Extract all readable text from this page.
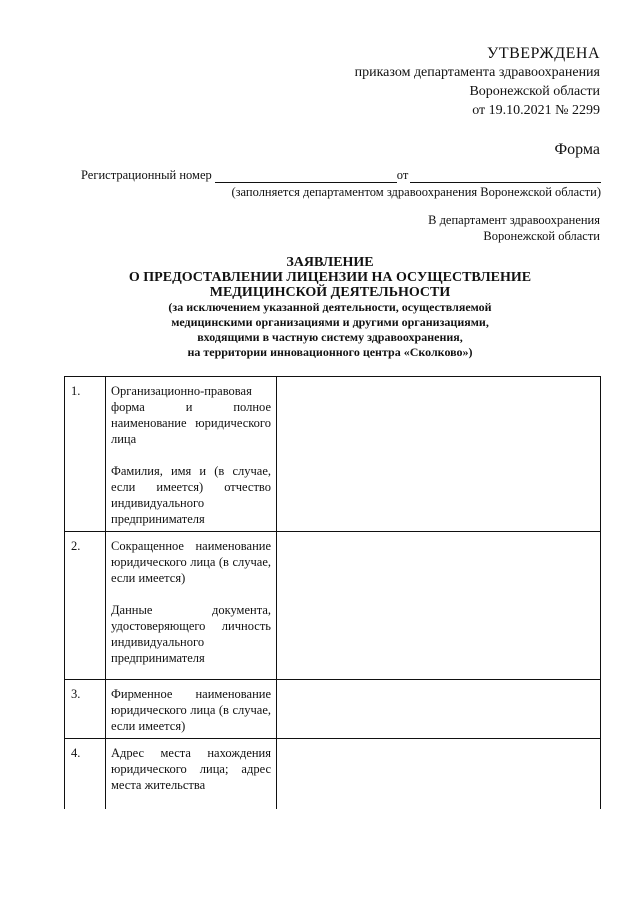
УТВЕРЖДЕНА
приказом департамента здравоохранения
Воронежской области
от 19.10.2021 № 2299
Форма
Регистрационный номер	от
(заполняется департаментом здравоохранения Воронежской области)
В департамент здравоохранения
Воронежской области
ЗАЯВЛЕНИЕ
О ПРЕДОСТАВЛЕНИИ ЛИЦЕНЗИИ НА ОСУЩЕСТВЛЕНИЕ
МЕДИЦИНСКОЙ ДЕЯТЕЛЬНОСТИ
(за исключением указанной деятельности, осуществляемой
медицинскими организациями и другими организациями,
входящими в частную систему здравоохранения,
на территории инновационного центра «Сколково»)
1.	Организационно-правовая форма и полное наименование юридического лица

Фамилия, имя и (в случае, если имеется) отчество индивидуального предпринимателя	

2.	Сокращенное наименование юридического лица (в случае, если имеется)

Данные документа, удостоверяющего личность индивидуального предпринимателя	

3.	Фирменное наименование юридического лица (в случае, если имеется)	

4.	Адрес места нахождения юридического лица; адрес места жительства	
